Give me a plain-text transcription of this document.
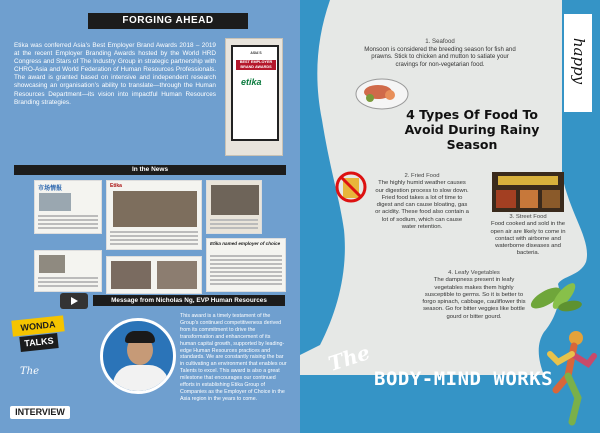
FORGING AHEAD

Etika was conferred Asia’s Best Employer Brand Awards 2018 – 2019 at the recent Employer Branding Awards hosted by the World HRD Congress and Stars of The Industry Group in strategic partnership with CHRO-Asia and World Federation of Human Resources Professionals. The award is granted based on intensive and independent research showcasing an organisation’s ability to translate—through the Human Resources Department—its vision into impactful Human Resources Branding strategies.

ASIA'S
BEST EMPLOYER BRAND AWARDS
etika
In the News
市场情报	Etika
Etika named employer of choice
Message from Nicholas Ng, EVP Human Resources

This award is a timely testament of the Group's continued competitiveness derived from its commitment to drive the transformation and enhancement of its human capital growth, supported by leading-edge Human Resources practices and standards. We are constantly raising the bar in cultivating an environment that enables our Talents to excel. This award is also a great milestone that encourages our continued efforts in establishing Etika Group of Companies as the Employer of Choice in the Asia region in the years to come.

WONDA
TALKS
The
INTERVIEW
1. Seafood
Monsoon is considered the breeding season for fish and prawns. Stick to chicken and mutton to satiate your cravings for non-vegetarian food.
4 Types Of Food To Avoid During Rainy Season
2. Fried Food
The highly humid weather causes our digestion process to slow down. Fried food takes a lot of time to digest and can cause bloating, gas or acidity. These food also contain a lot of sodium, which can cause water retention.
3. Street Food
Food cooked and sold in the open air are likely to come in contact with airborne and waterborne diseases and bacteria.
4. Leafy Vegetables
The dampness present in leafy vegetables makes them highly susceptible to germs. So it is better to forgo spinach, cabbage, cauliflower this season. Go for bitter veggies like bottle gourd or bitter gourd.
happy
The
BODY-MIND WORKS
